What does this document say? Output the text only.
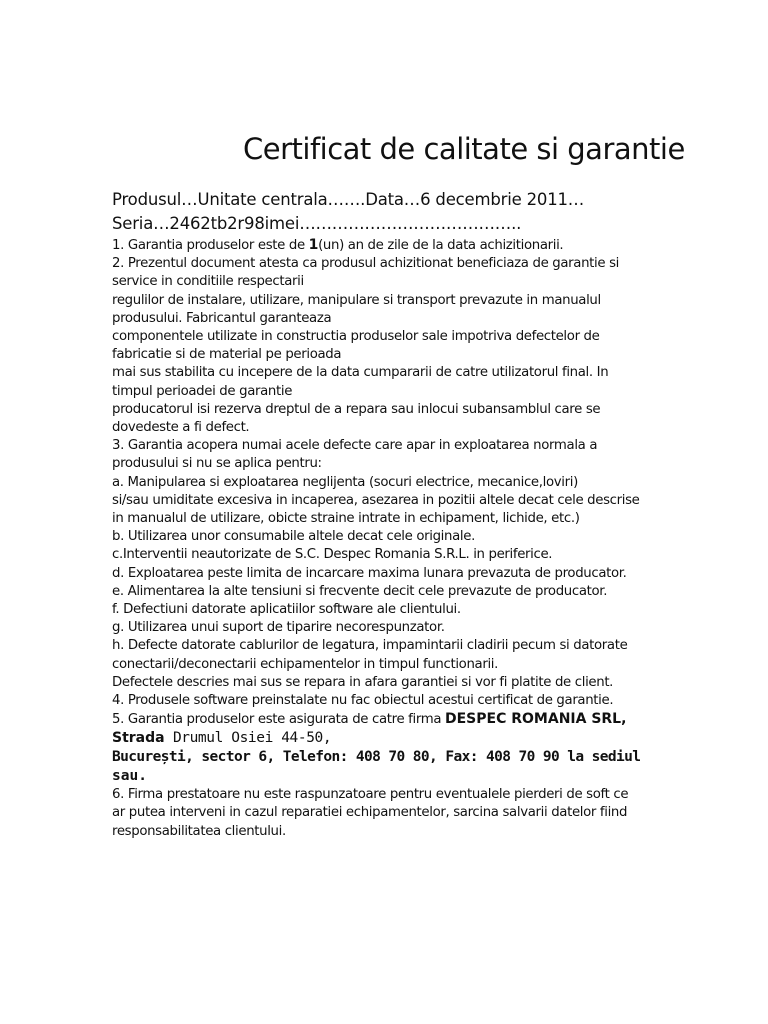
Certificat de calitate si garantie
Produsul…Unitate centrala…….Data…6 decembrie 2011…
Seria…2462tb2r98imei…………………………………..

1. Garantia produselor este de 1(un) an de zile de la data achizitionarii.

2. Prezentul document atesta ca produsul achizitionat beneficiaza de garantie si

service in conditiile respectarii

regulilor de instalare, utilizare, manipulare si transport prevazute in manualul

produsului. Fabricantul garanteaza

componentele utilizate in constructia produselor sale impotriva defectelor de

fabricatie si de material pe perioada

mai sus stabilita cu incepere de la data cumpararii de catre utilizatorul final. In

timpul perioadei de garantie

producatorul isi rezerva dreptul de a repara sau inlocui subansamblul care se

dovedeste a fi defect.

3. Garantia acopera numai acele defecte care apar in exploatarea normala a

produsului si nu se aplica pentru:

a. Manipularea si exploatarea neglijenta (socuri electrice, mecanice,loviri)

si/sau umiditate excesiva in incaperea, asezarea in pozitii altele decat cele descrise

in manualul de utilizare, obicte straine intrate in echipament, lichide, etc.)

b. Utilizarea unor consumabile altele decat cele originale.

c.Interventii neautorizate de S.C. Despec Romania S.R.L. in periferice.

d. Exploatarea peste limita de incarcare maxima lunara prevazuta de producator.

e. Alimentarea la alte tensiuni si frecvente decit cele prevazute de producator.

f. Defectiuni datorate aplicatiilor software ale clientului.

g. Utilizarea unui suport de tiparire necorespunzator.

h. Defecte datorate cablurilor de legatura, impamintarii cladirii pecum si datorate

conectarii/deconectarii echipamentelor in timpul functionarii.

Defectele descries mai sus se repara in afara garantiei si vor fi platite de client.

4. Produsele software preinstalate nu fac obiectul acestui certificat de garantie.

5. Garantia produselor este asigurata de catre firma DESPEC ROMANIA SRL,

Strada Drumul Osiei 44-50,

București, sector 6, Telefon: 408 70 80, Fax: 408 70 90 la sediul

sau.

6. Firma prestatoare nu este raspunzatoare pentru eventualele pierderi de soft ce

ar putea interveni in cazul reparatiei echipamentelor, sarcina salvarii datelor fiind

responsabilitatea clientului.
